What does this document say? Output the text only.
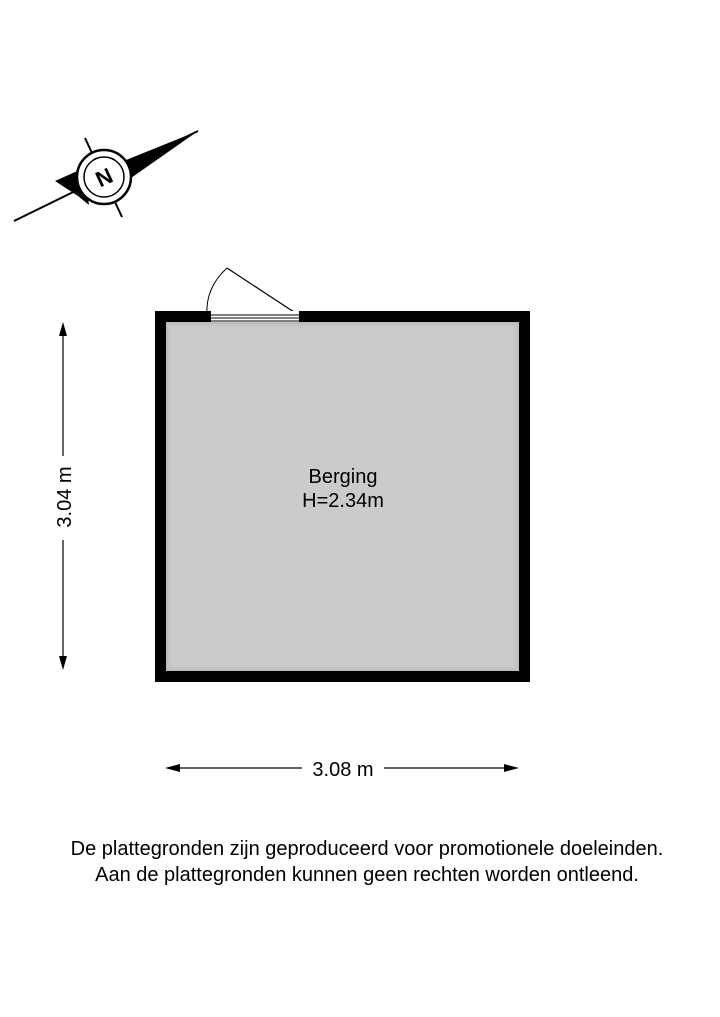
N
Berging
H=2.34m
3.04 m
3.08 m
De plattegronden zijn geproduceerd voor promotionele doeleinden.
Aan de plattegronden kunnen geen rechten worden ontleend.
